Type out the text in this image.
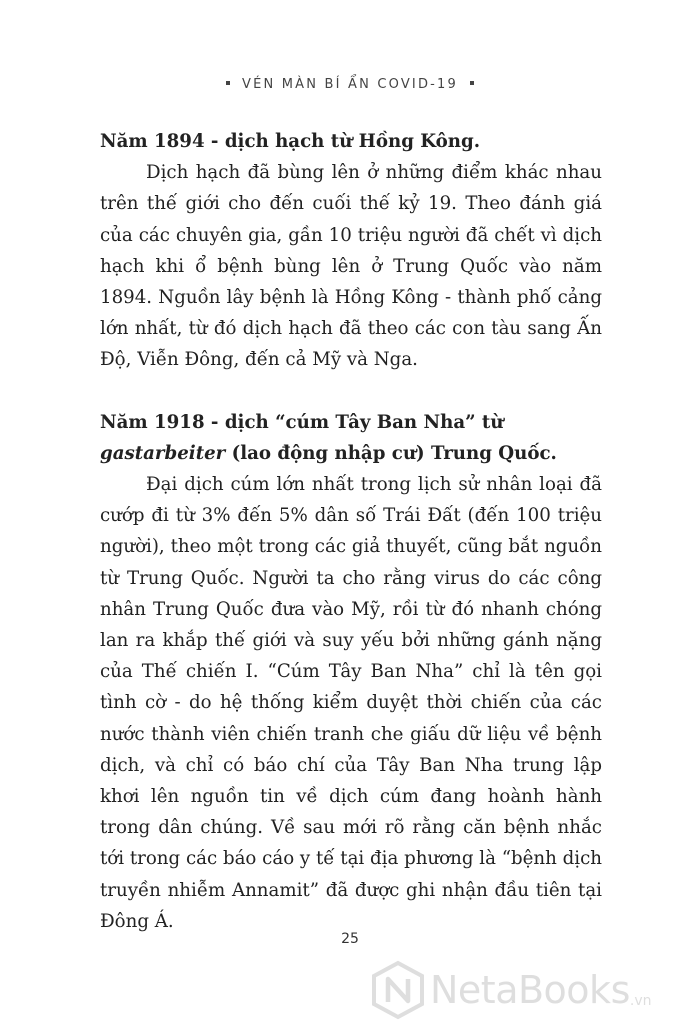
VÉN MÀN BÍ ẨN COVID-19

Năm 1894 - dịch hạch từ Hồng Kông.

Dịch hạch đã bùng lên ở những điểm khác nhau trên thế giới cho đến cuối thế kỷ 19. Theo đánh giá của các chuyên gia, gần 10 triệu người đã chết vì dịch hạch khi ổ bệnh bùng lên ở Trung Quốc vào năm 1894. Nguồn lây bệnh là Hồng Kông - thành phố cảng lớn nhất, từ đó dịch hạch đã theo các con tàu sang Ấn Độ, Viễn Đông, đến cả Mỹ và Nga.

Năm 1918 - dịch “cúm Tây Ban Nha” từ gastarbeiter (lao động nhập cư) Trung Quốc.

Đại dịch cúm lớn nhất trong lịch sử nhân loại đã cướp đi từ 3% đến 5% dân số Trái Đất (đến 100 triệu người), theo một trong các giả thuyết, cũng bắt nguồn từ Trung Quốc. Người ta cho rằng virus do các công nhân Trung Quốc đưa vào Mỹ, rồi từ đó nhanh chóng lan ra khắp thế giới và suy yếu bởi những gánh nặng của Thế chiến I. “Cúm Tây Ban Nha” chỉ là tên gọi tình cờ - do hệ thống kiểm duyệt thời chiến của các nước thành viên chiến tranh che giấu dữ liệu về bệnh dịch, và chỉ có báo chí của Tây Ban Nha trung lập khơi lên nguồn tin về dịch cúm đang hoành hành trong dân chúng. Về sau mới rõ rằng căn bệnh nhắc tới trong các báo cáo y tế tại địa phương là “bệnh dịch truyền nhiễm Annamit” đã được ghi nhận đầu tiên tại Đông Á.

25
NetaBooks .vn
